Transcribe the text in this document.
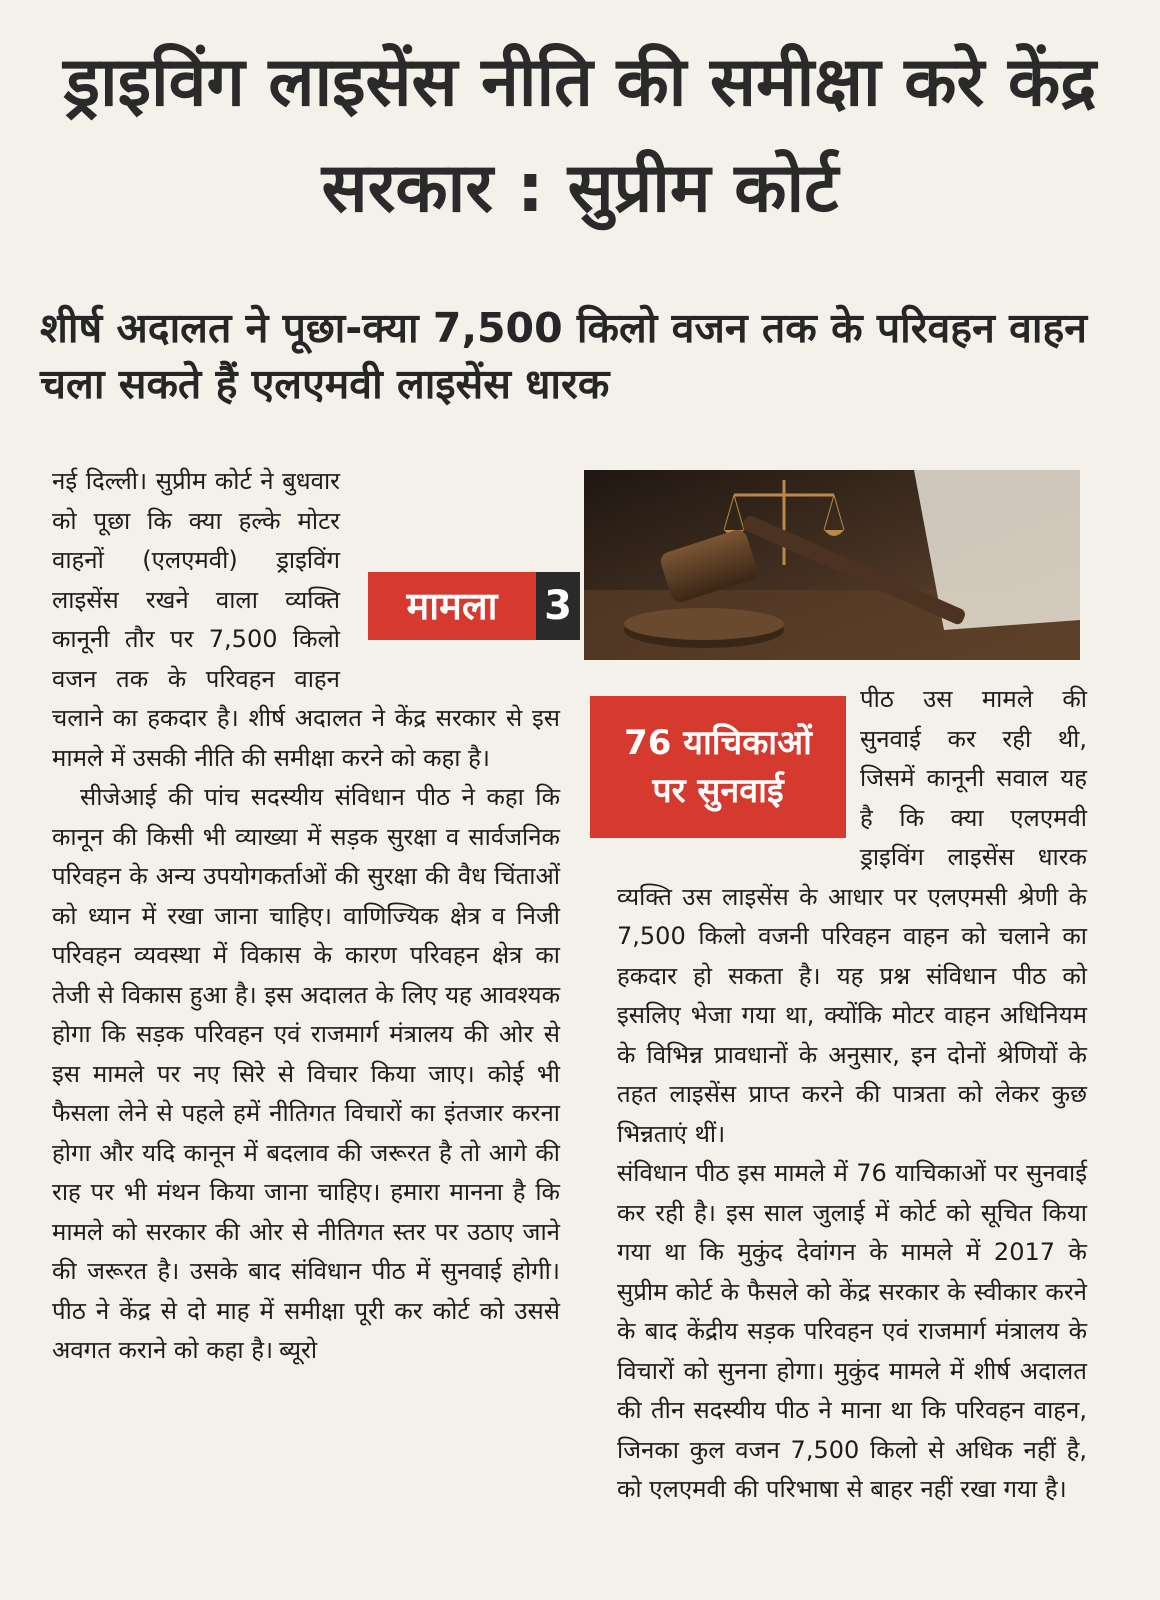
ड्राइविंग लाइसेंस नीति की समीक्षा करे केंद्र सरकार : सुप्रीम कोर्ट
शीर्ष अदालत ने पूछा-क्या 7,500 किलो वजन तक के परिवहन वाहन चला सकते हैं एलएमवी लाइसेंस धारक
मामला	3

नई दिल्ली। सुप्रीम कोर्ट ने बुधवार को पूछा कि क्या हल्के मोटर वाहनों (एलएमवी) ड्राइविंग लाइसेंस रखने वाला व्यक्ति कानूनी तौर पर 7,500 किलो वजन तक के परिवहन वाहन चलाने का हकदार है। शीर्ष अदालत ने केंद्र सरकार से इस मामले में उसकी नीति की समीक्षा करने को कहा है।

सीजेआई की पांच सदस्यीय संविधान पीठ ने कहा कि कानून की किसी भी व्याख्या में सड़क सुरक्षा व सार्वजनिक परिवहन के अन्य उपयोगकर्ताओं की सुरक्षा की वैध चिंताओं को ध्यान में रखा जाना चाहिए। वाणिज्यिक क्षेत्र व निजी परिवहन व्यवस्था में विकास के कारण परिवहन क्षेत्र का तेजी से विकास हुआ है। इस अदालत के लिए यह आवश्यक होगा कि सड़क परिवहन एवं राजमार्ग मंत्रालय की ओर से इस मामले पर नए सिरे से विचार किया जाए। कोई भी फैसला लेने से पहले हमें नीतिगत विचारों का इंतजार करना होगा और यदि कानून में बदलाव की जरूरत है तो आगे की राह पर भी मंथन किया जाना चाहिए। हमारा मानना है कि मामले को सरकार की ओर से नीतिगत स्तर पर उठाए जाने की जरूरत है। उसके बाद संविधान पीठ में सुनवाई होगी। पीठ ने केंद्र से दो माह में समीक्षा पूरी कर कोर्ट को उससे अवगत कराने को कहा है। ब्यूरो

76 याचिकाओं
पर सुनवाई
पीठ उस मामले की सुनवाई कर रही थी, जिसमें कानूनी सवाल यह है कि क्या एलएमवी ड्राइविंग लाइसेंस धारक व्यक्ति उस लाइसेंस के आधार पर एलएमसी श्रेणी के 7,500 किलो वजनी परिवहन वाहन को चलाने का हकदार हो सकता है। यह प्रश्न संविधान पीठ को इसलिए भेजा गया था, क्योंकि मोटर वाहन अधिनियम के विभिन्न प्रावधानों के अनुसार, इन दोनों श्रेणियों के तहत लाइसेंस प्राप्त करने की पात्रता को लेकर कुछ भिन्नताएं थीं।

संविधान पीठ इस मामले में 76 याचिकाओं पर सुनवाई कर रही है। इस साल जुलाई में कोर्ट को सूचित किया गया था कि मुकुंद देवांगन के मामले में 2017 के सुप्रीम कोर्ट के फैसले को केंद्र सरकार के स्वीकार करने के बाद केंद्रीय सड़क परिवहन एवं राजमार्ग मंत्रालय के विचारों को सुनना होगा। मुकुंद मामले में शीर्ष अदालत की तीन सदस्यीय पीठ ने माना था कि परिवहन वाहन, जिनका कुल वजन 7,500 किलो से अधिक नहीं है, को एलएमवी की परिभाषा से बाहर नहीं रखा गया है।
